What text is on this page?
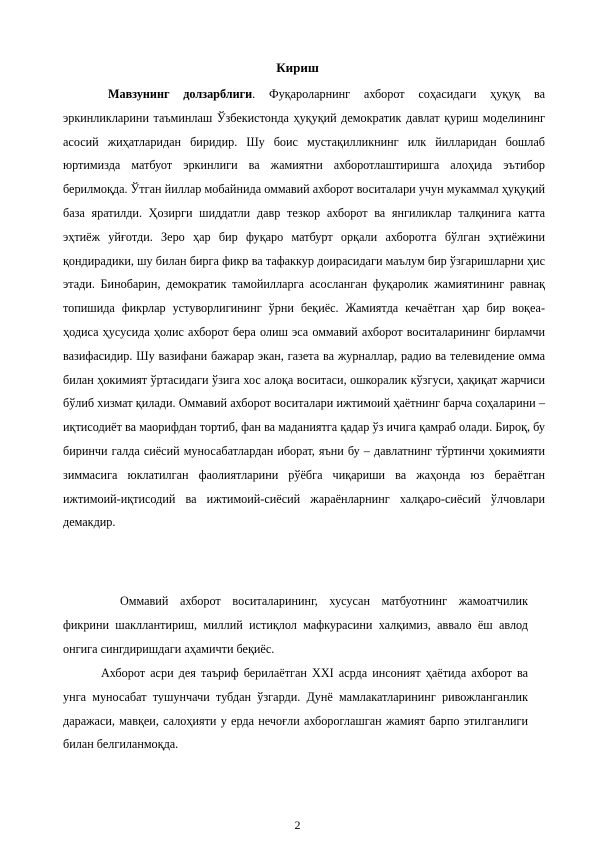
Кириш

Мавзунинг долзарблиги. Фуқароларнинг ахборот соҳасидаги ҳуқуқ ва эркинликларини таъминлаш Ўзбекистонда ҳуқуқий демократик давлат қуриш моделининг асосий жиҳатларидан биридир. Шу боис мустақилликнинг илк йилларидан бошлаб юртимизда матбуот эркинлиги ва жамиятни ахборотлаштиришга алоҳида эътибор берилмоқда. Ўтган йиллар мобайнида оммавий ахборот воситалари учун мукаммал ҳуқуқий база яратилди. Ҳозирги шиддатли давр тезкор ахборот ва янгиликлар талқинига катта эҳтиёж уйғотди. Зеро ҳар бир фуқаро матбурт орқали ахборотга бўлган эҳтиёжини қондирадики, шу билан бирга фикр ва тафаккур доирасидаги маълум бир ўзгаришларни ҳис этади. Бинобарин, демократик тамойилларга асосланган фуқаролик жамиятининг равнақ топишида фикрлар устуворлигининг ўрни беқиёс. Жамиятда кечаётган ҳар бир воқеа-ҳодиса ҳусусида ҳолис ахборот бера олиш эса оммавий ахборот воситаларининг бирламчи вазифасидир. Шу вазифани бажарар экан, газета ва журналлар, радио ва телевидение омма билан ҳокимият ўртасидаги ўзига хос алоқа воситаси, ошкоралик кўзгуси, ҳақиқат жарчиси бўлиб хизмат қилади. Оммавий ахборот воситалари ижтимоий ҳаётнинг барча соҳаларини – иқтисодиёт ва маорифдан тортиб, фан ва маданиятга қадар ўз ичига қамраб олади. Бироқ, бу биринчи галда сиёсий муносабатлардан иборат, яъни бу – давлатнинг тўртинчи ҳокимияти зиммасига юклатилган фаолиятларини рўёбга чиқариши ва жаҳонда юз бераётган ижтимоий-иқтисодий ва ижтимоий-сиёсий жараёнларнинг халқаро-сиёсий ўлчовлари демакдир.

Оммавий ахборот воситаларининг, хусусан матбуотнинг жамоатчилик фикрини шакллантириш, миллий истиқлол мафкурасини халқимиз, аввало ёш авлод онгига сингдиришдаги аҳамичти беқиёс.

Ахборот асри дея таъриф берилаётган XXI асрда инсоният ҳаётида ахборот ва унга муносабат тушунчачи тубдан ўзгарди. Дунё мамлакатларининг ривожланганлик даражаси, мавқеи, салоҳияти у ерда нечоғли ахбороглашган жамият барпо этилганлиги билан белгиланмоқда.

2
